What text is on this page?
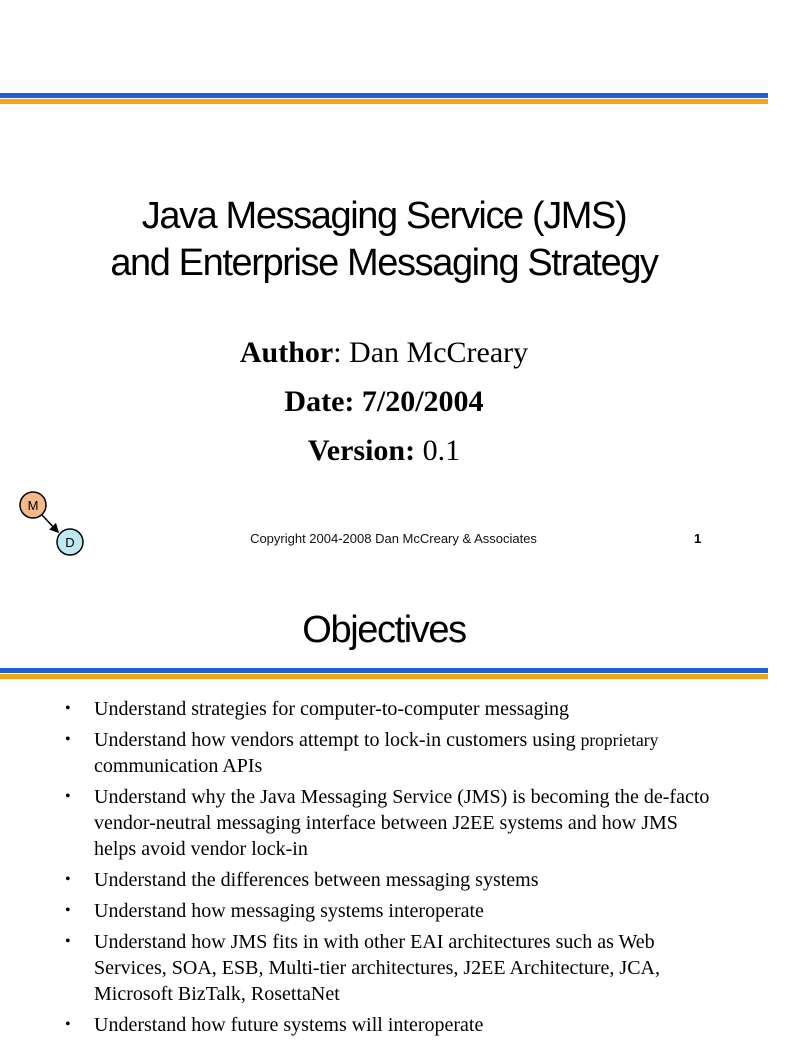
Java Messaging Service (JMS)
and Enterprise Messaging Strategy
Author: Dan McCreary
Date: 7/20/2004
Version: 0.1
M
D	Copyright 2004-2008 Dan McCreary & Associates	1
Objectives
• Understand strategies for computer-to-computer messaging
• Understand how vendors attempt to lock-in customers using proprietary communication APIs
• Understand why the Java Messaging Service (JMS) is becoming the de-facto vendor-neutral messaging interface between J2EE systems and how JMS helps avoid vendor lock-in
• Understand the differences between messaging systems
• Understand how messaging systems interoperate
• Understand how JMS fits in with other EAI architectures such as Web Services, SOA, ESB, Multi-tier architectures, J2EE Architecture, JCA, Microsoft BizTalk, RosettaNet
• Understand how future systems will interoperate
